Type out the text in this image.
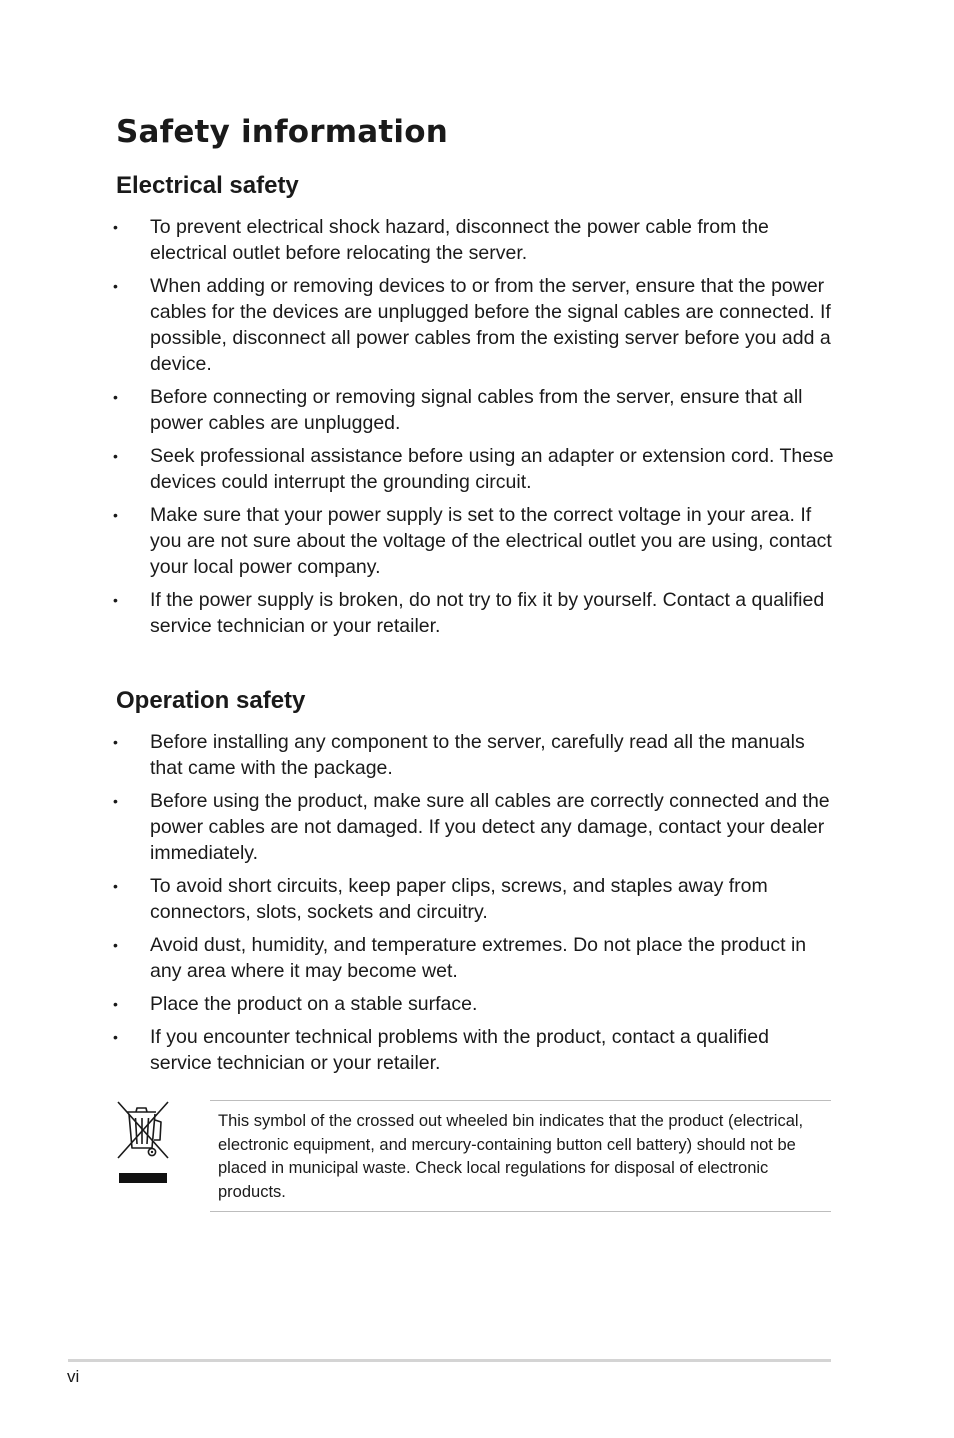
Safety information
Electrical safety
• To prevent electrical shock hazard, disconnect the power cable from the electrical outlet before relocating the server.
• When adding or removing devices to or from the server, ensure that the power cables for the devices are unplugged before the signal cables are connected. If possible, disconnect all power cables from the existing server before you add a device.
• Before connecting or removing signal cables from the server, ensure that all power cables are unplugged.
• Seek professional assistance before using an adapter or extension cord. These devices could interrupt the grounding circuit.
• Make sure that your power supply is set to the correct voltage in your area. If you are not sure about the voltage of the electrical outlet you are using, contact your local power company.
• If the power supply is broken, do not try to fix it by yourself. Contact a qualified service technician or your retailer.
Operation safety
• Before installing any component to the server, carefully read all the manuals that came with the package.
• Before using the product, make sure all cables are correctly connected and the power cables are not damaged. If you detect any damage, contact your dealer immediately.
• To avoid short circuits, keep paper clips, screws, and staples away from connectors, slots, sockets and circuitry.
• Avoid dust, humidity, and temperature extremes. Do not place the product in any area where it may become wet.
• Place the product on a stable surface.
• If you encounter technical problems with the product, contact a qualified service technician or your retailer.
This symbol of the crossed out wheeled bin indicates that the product (electrical, electronic equipment, and mercury-containing button cell battery) should not be placed in municipal waste. Check local regulations for disposal of electronic products.
vi
